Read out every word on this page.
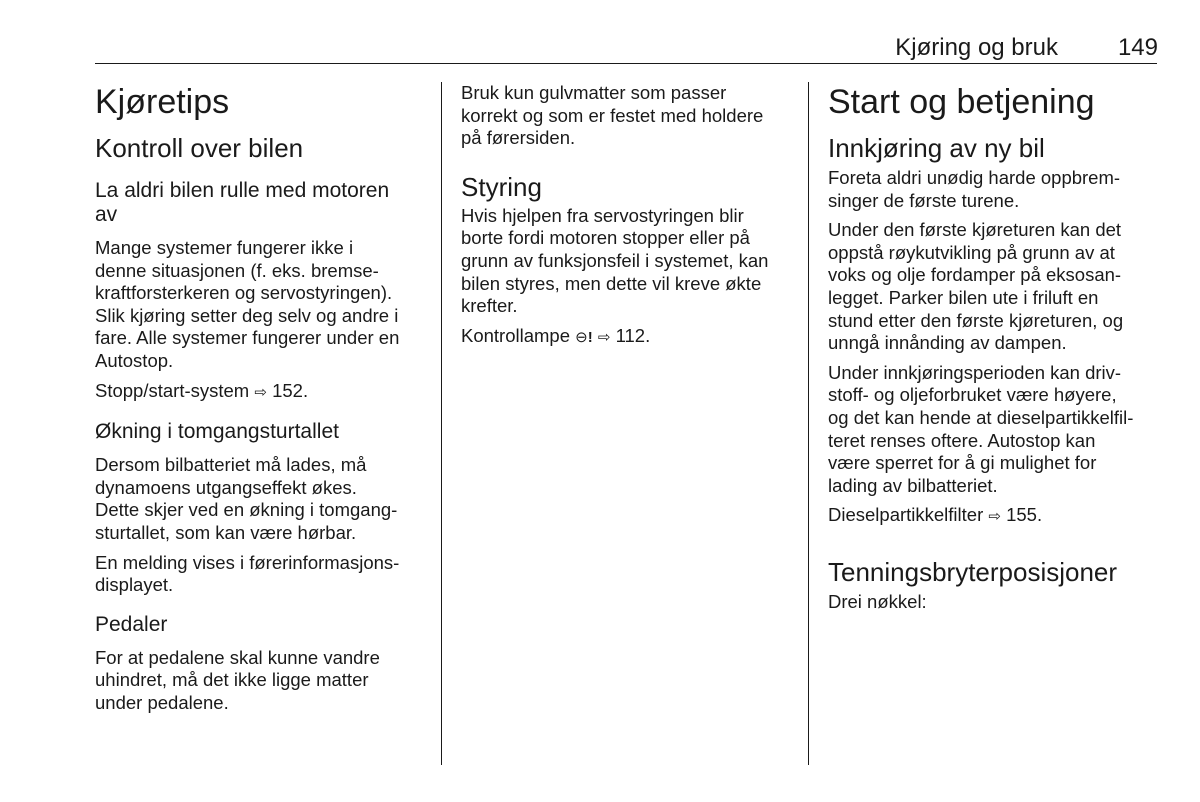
Kjøring og bruk	149
Kjøretips
Kontroll over bilen
La aldri bilen rulle med motoren av

Mange systemer fungerer ikke i
denne situasjonen (f. eks. bremse-
kraftforsterkeren og servostyringen).
Slik kjøring setter deg selv og andre i
fare. Alle systemer fungerer under en
Autostop.

Stopp/start-system ⇨ 152.

Økning i tomgangsturtallet

Dersom bilbatteriet må lades, må
dynamoens utgangseffekt økes.
Dette skjer ved en økning i tomgang-
sturtallet, som kan være hørbar.

En melding vises i førerinformasjons-
displayet.

Pedaler

For at pedalene skal kunne vandre
uhindret, må det ikke ligge matter
under pedalene.

Bruk kun gulvmatter som passer
korrekt og som er festet med holdere
på førersiden.

Styring

Hvis hjelpen fra servostyringen blir
borte fordi motoren stopper eller på
grunn av funksjonsfeil i systemet, kan
bilen styres, men dette vil kreve økte
krefter.

Kontrollampe ⊖! ⇨ 112.

Start og betjening
Innkjøring av ny bil

Foreta aldri unødig harde oppbrem-
singer de første turene.

Under den første kjøreturen kan det
oppstå røykutvikling på grunn av at
voks og olje fordamper på eksosan-
legget. Parker bilen ute i friluft en
stund etter den første kjøreturen, og
unngå innånding av dampen.

Under innkjøringsperioden kan driv-
stoff- og oljeforbruket være høyere,
og det kan hende at dieselpartikkelfil-
teret renses oftere. Autostop kan
være sperret for å gi mulighet for
lading av bilbatteriet.

Dieselpartikkelfilter ⇨ 155.

Tenningsbryterposisjoner

Drei nøkkel:
